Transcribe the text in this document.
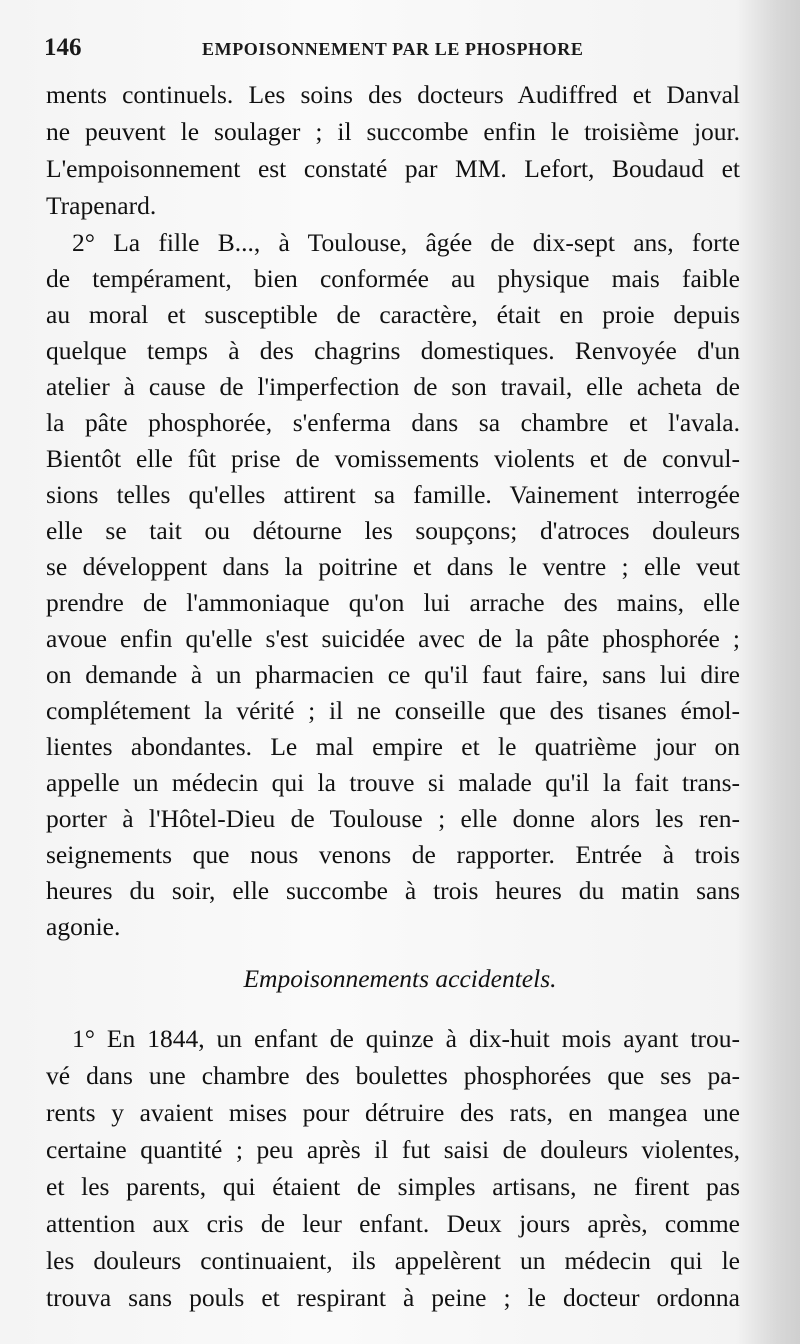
146	EMPOISONNEMENT PAR LE PHOSPHORE
ments continuels. Les soins des docteurs Audiffred et Danval
ne peuvent le soulager ; il succombe enfin le troisième jour.
L'empoisonnement est constaté par MM. Lefort, Boudaud et
Trapenard.
2° La fille B..., à Toulouse, âgée de dix-sept ans, forte
de tempérament, bien conformée au physique mais faible
au moral et susceptible de caractère, était en proie depuis
quelque temps à des chagrins domestiques. Renvoyée d'un
atelier à cause de l'imperfection de son travail, elle acheta de
la pâte phosphorée, s'enferma dans sa chambre et l'avala.
Bientôt elle fût prise de vomissements violents et de convul-
sions telles qu'elles attirent sa famille. Vainement interrogée
elle se tait ou détourne les soupçons; d'atroces douleurs
se développent dans la poitrine et dans le ventre ; elle veut
prendre de l'ammoniaque qu'on lui arrache des mains, elle
avoue enfin qu'elle s'est suicidée avec de la pâte phosphorée ;
on demande à un pharmacien ce qu'il faut faire, sans lui dire
complétement la vérité ; il ne conseille que des tisanes émol-
lientes abondantes. Le mal empire et le quatrième jour on
appelle un médecin qui la trouve si malade qu'il la fait trans-
porter à l'Hôtel-Dieu de Toulouse ; elle donne alors les ren-
seignements que nous venons de rapporter. Entrée à trois
heures du soir, elle succombe à trois heures du matin sans
agonie.
Empoisonnements accidentels.
1° En 1844, un enfant de quinze à dix-huit mois ayant trou-
vé dans une chambre des boulettes phosphorées que ses pa-
rents y avaient mises pour détruire des rats, en mangea une
certaine quantité ; peu après il fut saisi de douleurs violentes,
et les parents, qui étaient de simples artisans, ne firent pas
attention aux cris de leur enfant. Deux jours après, comme
les douleurs continuaient, ils appelèrent un médecin qui le
trouva sans pouls et respirant à peine ; le docteur ordonna
